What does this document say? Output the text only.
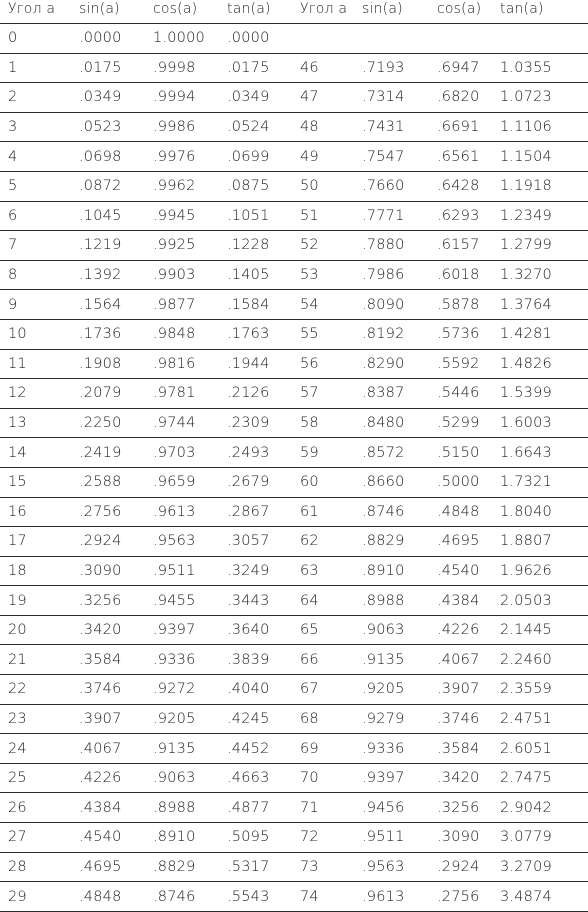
Угол а sin(a) cos(a) tan(a) Угол а sin(a) cos(a) tan(a)
0	.0000 1.0000 .0000
1	.0175 .9998 .0175 46	.7193 .6947 1.0355
2	.0349 .9994 .0349 47	.7314 .6820 1.0723
3	.0523 .9986 .0524 48	.7431 .6691 1.1106
4	.0698 .9976 .0699 49	.7547 .6561 1.1504
5	.0872 .9962 .0875 50	.7660 .6428 1.1918
6	.1045 .9945 .1051 51	.7771 .6293 1.2349
7	.1219 .9925 .1228 52	.7880 .6157 1.2799
8	.1392 .9903 .1405 53	.7986 .6018 1.3270
9	.1564 .9877 .1584 54	.8090 .5878 1.3764
10	.1736 .9848 .1763 55	.8192 .5736 1.4281
11	.1908 .9816 .1944 56	.8290 .5592 1.4826
12	.2079 .9781 .2126 57	.8387 .5446 1.5399
13	.2250 .9744 .2309 58	.8480 .5299 1.6003
14	.2419 .9703 .2493 59	.8572 .5150 1.6643
15	.2588 .9659 .2679 60	.8660 .5000 1.7321
16	.2756 .9613 .2867 61	.8746 .4848 1.8040
17	.2924 .9563 .3057 62	.8829 .4695 1.8807
18	.3090 .9511 .3249 63	.8910 .4540 1.9626
19	.3256 .9455 .3443 64	.8988 .4384 2.0503
20	.3420 .9397 .3640 65	.9063 .4226 2.1445
21	.3584 .9336 .3839 66	.9135 .4067 2.2460
22	.3746 .9272 .4040 67	.9205 .3907 2.3559
23	.3907 .9205 .4245 68	.9279 .3746 2.4751
24	.4067 .9135 .4452 69	.9336 .3584 2.6051
25	.4226 .9063 .4663 70	.9397 .3420 2.7475
26	.4384 .8988 .4877 71	.9456 .3256 2.9042
27	.4540 .8910 .5095 72	.9511 .3090 3.0779
28	.4695 .8829 .5317 73	.9563 .2924 3.2709
29	.4848 .8746 .5543 74	.9613 .2756 3.4874
